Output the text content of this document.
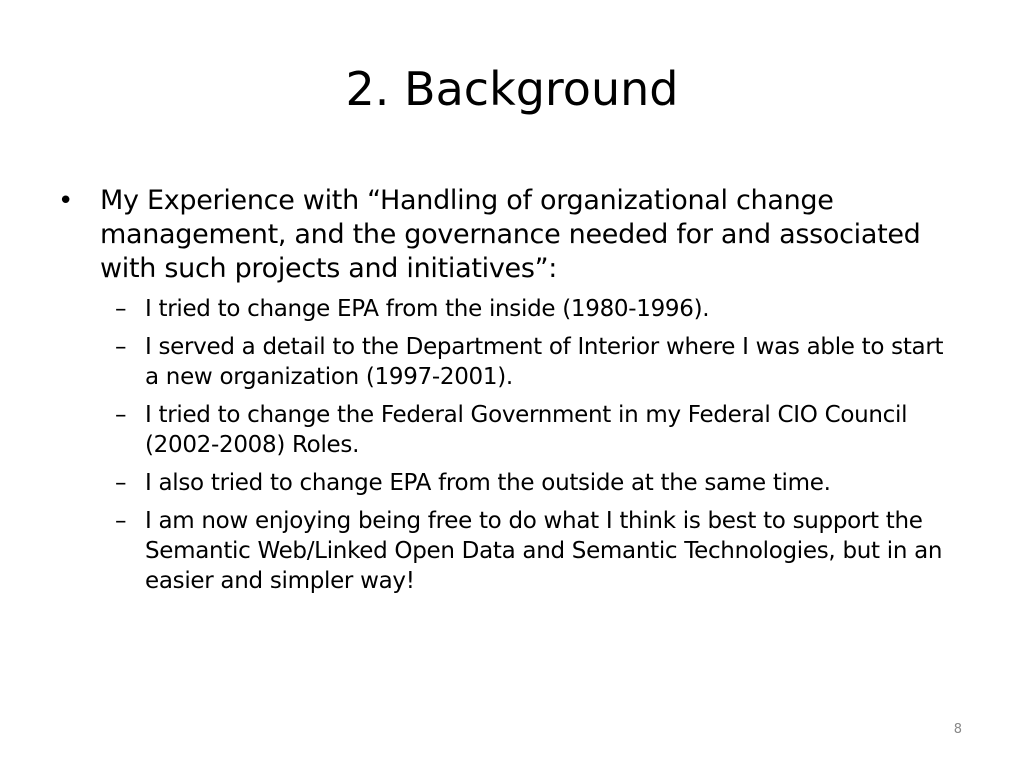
2. Background
• My Experience with “Handling of organizational change management, and the governance needed for and associated with such projects and initiatives”:
– I tried to change EPA from the inside (1980-1996).
– I served a detail to the Department of Interior where I was able to start a new organization (1997-2001).
– I tried to change the Federal Government in my Federal CIO Council (2002-2008) Roles.
– I also tried to change EPA from the outside at the same time.
– I am now enjoying being free to do what I think is best to support the Semantic Web/Linked Open Data and Semantic Technologies, but in an easier and simpler way!
8
